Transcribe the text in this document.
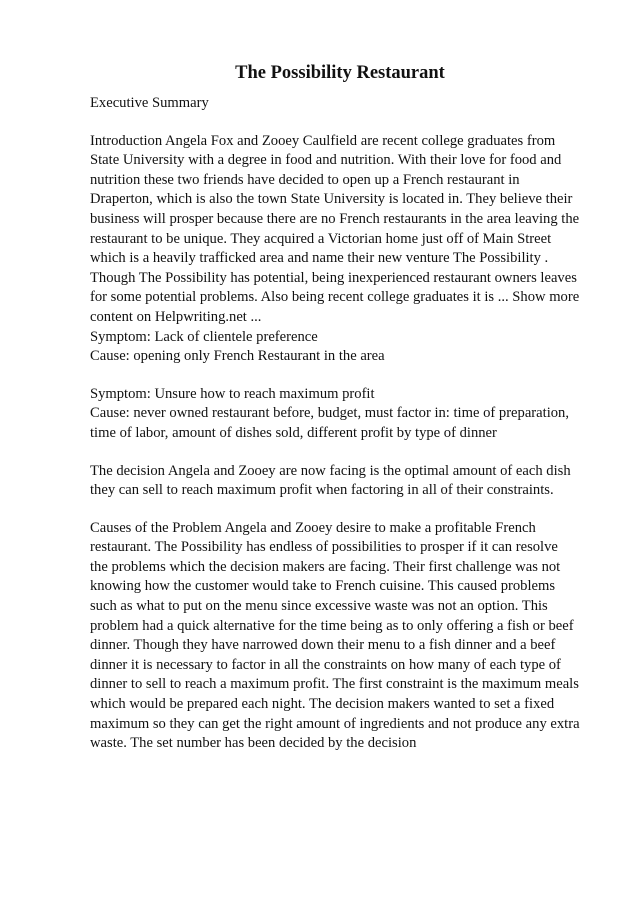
The Possibility Restaurant
Executive Summary
Introduction Angela Fox and Zooey Caulfield are recent college graduates from
State University with a degree in food and nutrition. With their love for food and
nutrition these two friends have decided to open up a French restaurant in
Draperton, which is also the town State University is located in. They believe their
business will prosper because there are no French restaurants in the area leaving the
restaurant to be unique. They acquired a Victorian home just off of Main Street
which is a heavily trafficked area and name their new venture The Possibility .
Though The Possibility has potential, being inexperienced restaurant owners leaves
for some potential problems. Also being recent college graduates it is ... Show more
content on Helpwriting.net ...
Symptom: Lack of clientele preference
Cause: opening only French Restaurant in the area
Symptom: Unsure how to reach maximum profit
Cause: never owned restaurant before, budget, must factor in: time of preparation,
time of labor, amount of dishes sold, different profit by type of dinner
The decision Angela and Zooey are now facing is the optimal amount of each dish
they can sell to reach maximum profit when factoring in all of their constraints.
Causes of the Problem Angela and Zooey desire to make a profitable French
restaurant. The Possibility has endless of possibilities to prosper if it can resolve
the problems which the decision makers are facing. Their first challenge was not
knowing how the customer would take to French cuisine. This caused problems
such as what to put on the menu since excessive waste was not an option. This
problem had a quick alternative for the time being as to only offering a fish or beef
dinner. Though they have narrowed down their menu to a fish dinner and a beef
dinner it is necessary to factor in all the constraints on how many of each type of
dinner to sell to reach a maximum profit. The first constraint is the maximum meals
which would be prepared each night. The decision makers wanted to set a fixed
maximum so they can get the right amount of ingredients and not produce any extra
waste. The set number has been decided by the decision
